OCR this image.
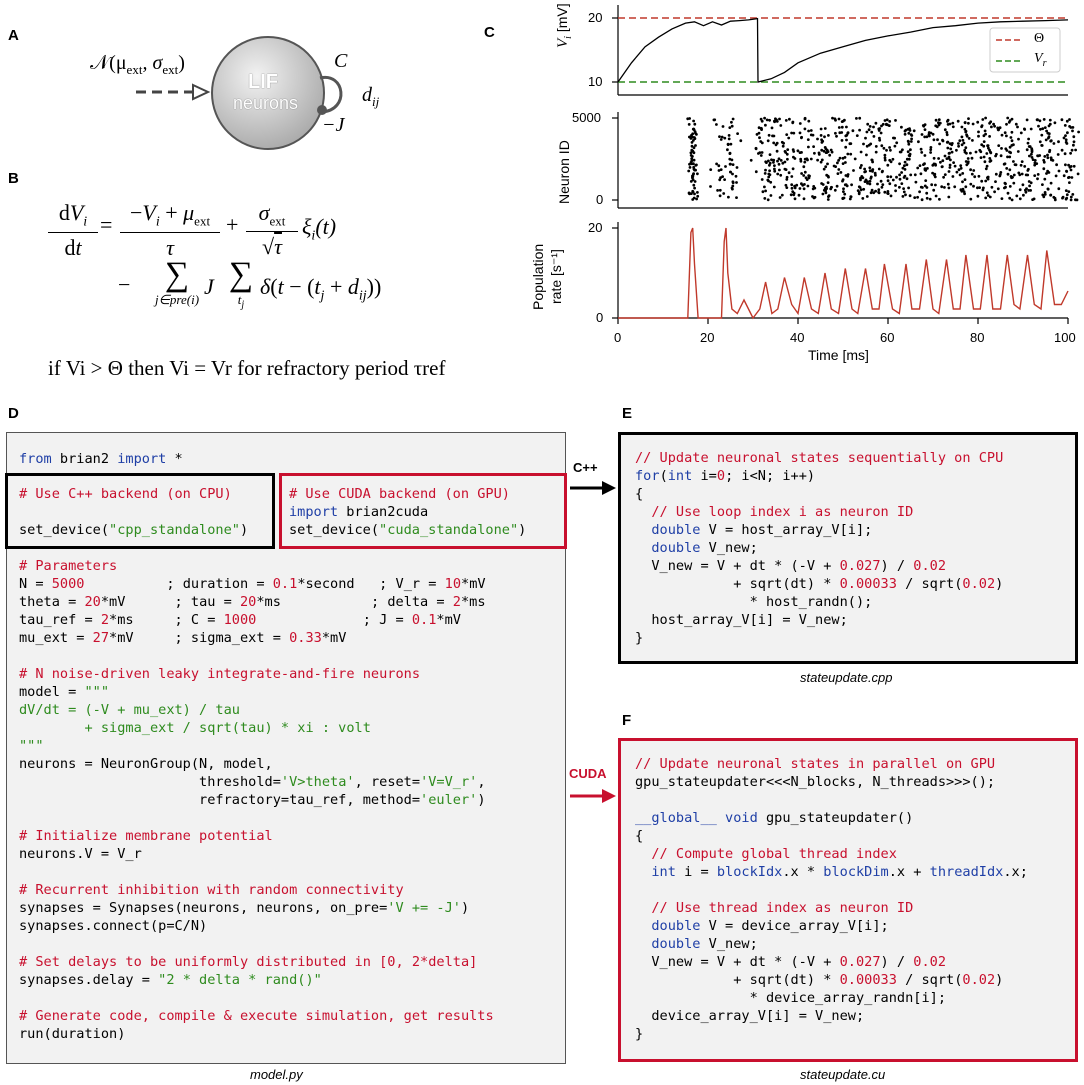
A
B
C
D	E
F
$𝒩(\mu_{ext}$, $\sigma_{ext}$)
LIF
neurons
C
$d_{ij}$
−J
$dV_i$
dt
= $-V_i + \mu_{ext}$
τ
+ $\sigma_{ext}$
√τ
$\xi_i(t)$
−	∑
j∈pre(i)
J ∑
$t_j$
$\delta(t - (t_j + d_{ij}))$
if Vi > Θ then Vi = Vr for refractory period τref
$V_i$ [mV]	20
10
Θ
$V_r$
Neuron ID
5000
0
Population rate [s⁻¹]
20
0
0	20	40	60	80	100
Time [ms]
from brian2 import *
# Use C++ backend (on CPU)
set_device("cpp_standalone")
# Use CUDA backend (on GPU)
import brian2cuda
set_device("cuda_standalone")
# Parameters
N = 5000          ; duration = 0.1*second   ; V_r = 10*mV
theta = 20*mV      ; tau = 20*ms           ; delta = 2*ms
tau_ref = 2*ms     ; C = 1000             ; J = 0.1*mV
mu_ext = 27*mV     ; sigma_ext = 0.33*mV

# N noise-driven leaky integrate-and-fire neurons
model = """
dV/dt = (-V + mu_ext) / tau
+ sigma_ext / sqrt(tau) * xi : volt
"""
neurons = NeuronGroup(N, model,
threshold='V>theta', reset='V=V_r',
refractory=tau_ref, method='euler')

# Initialize membrane potential
neurons.V = V_r

# Recurrent inhibition with random connectivity
synapses = Synapses(neurons, neurons, on_pre='V += -J')
synapses.connect(p=C/N)

# Set delays to be uniformly distributed in [0, 2*delta]
synapses.delay = "2 * delta * rand()"

# Generate code, compile & execute simulation, get results
run(duration)
model.py
C++
CUDA
// Update neuronal states sequentially on CPU
for(int i=0; i<N; i++)
{
// Use loop index i as neuron ID
double V = host_array_V[i];
double V_new;
V_new = V + dt * (-V + 0.027) / 0.02
+ sqrt(dt) * 0.00033 / sqrt(0.02)
* host_randn();
host_array_V[i] = V_new;
}
stateupdate.cpp
// Update neuronal states in parallel on GPU
gpu_stateupdater<<<N_blocks, N_threads>>>();

__global__ void gpu_stateupdater()
{
// Compute global thread index
int i = blockIdx.x * blockDim.x + threadIdx.x;

// Use thread index as neuron ID
double V = device_array_V[i];
double V_new;
V_new = V + dt * (-V + 0.027) / 0.02
+ sqrt(dt) * 0.00033 / sqrt(0.02)
* device_array_randn[i];
device_array_V[i] = V_new;
}
stateupdate.cu
